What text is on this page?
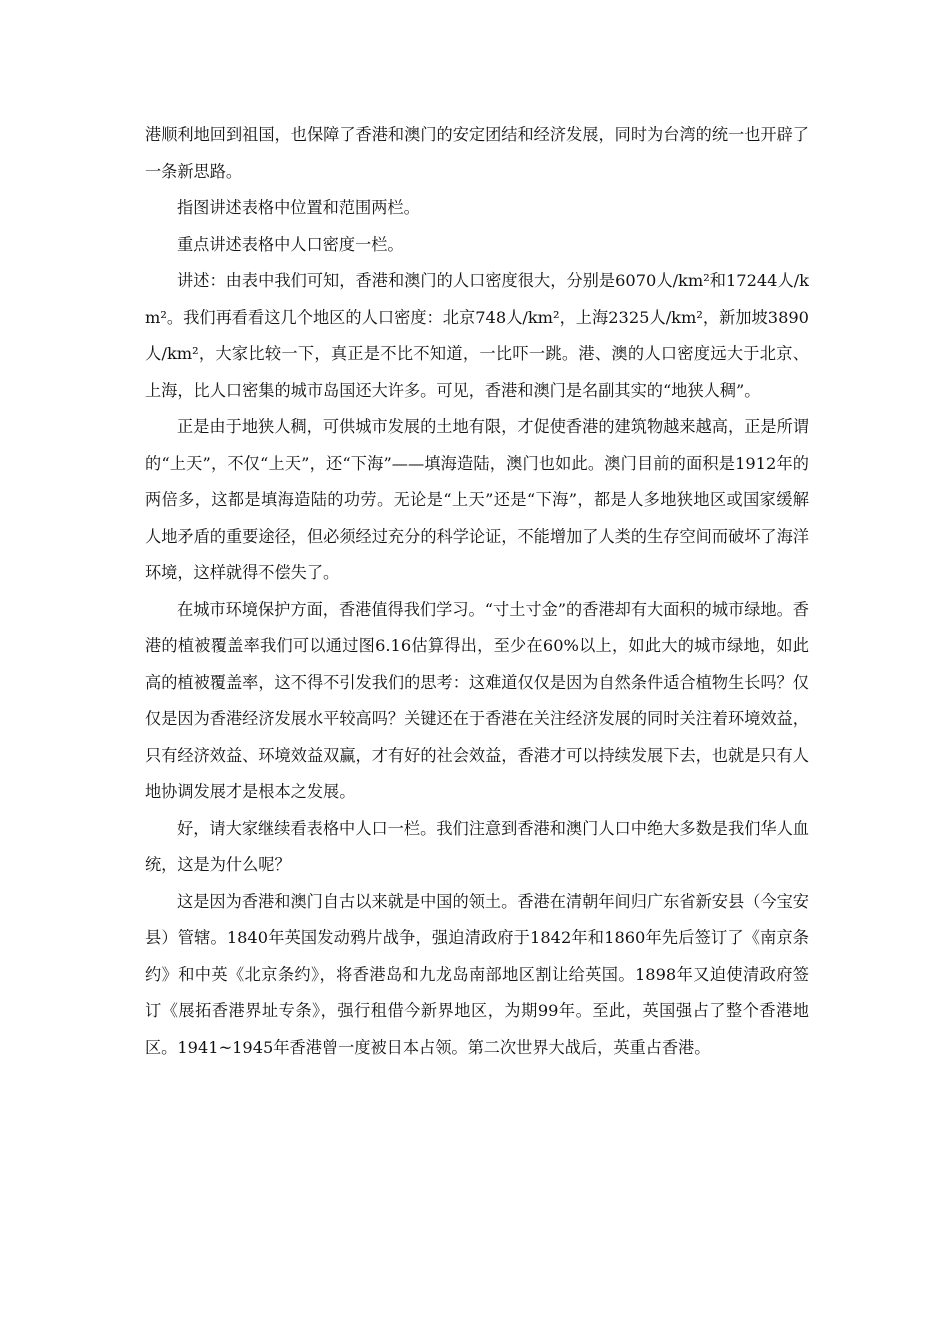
港顺利地回到祖国，也保障了香港和澳门的安定团结和经济发展，同时为台湾的统一也开辟了一条新思路。

指图讲述表格中位置和范围两栏。

重点讲述表格中人口密度一栏。

讲述：由表中我们可知，香港和澳门的人口密度很大，分别是6070人/km²和17244人/km²。我们再看看这几个地区的人口密度：北京748人/km²，上海2325人/km²，新加坡3890人/km²，大家比较一下，真正是不比不知道，一比吓一跳。港、澳的人口密度远大于北京、上海，比人口密集的城市岛国还大许多。可见，香港和澳门是名副其实的“地狭人稠”。

正是由于地狭人稠，可供城市发展的土地有限，才促使香港的建筑物越来越高，正是所谓的“上天”，不仅“上天”，还“下海”——填海造陆，澳门也如此。澳门目前的面积是1912年的两倍多，这都是填海造陆的功劳。无论是“上天”还是“下海”，都是人多地狭地区或国家缓解人地矛盾的重要途径，但必须经过充分的科学论证，不能增加了人类的生存空间而破坏了海洋环境，这样就得不偿失了。

在城市环境保护方面，香港值得我们学习。“寸土寸金”的香港却有大面积的城市绿地。香港的植被覆盖率我们可以通过图6.16估算得出，至少在60%以上，如此大的城市绿地，如此高的植被覆盖率，这不得不引发我们的思考：这难道仅仅是因为自然条件适合植物生长吗？仅仅是因为香港经济发展水平较高吗？关键还在于香港在关注经济发展的同时关注着环境效益，只有经济效益、环境效益双赢，才有好的社会效益，香港才可以持续发展下去，也就是只有人地协调发展才是根本之发展。

好，请大家继续看表格中人口一栏。我们注意到香港和澳门人口中绝大多数是我们华人血统，这是为什么呢？

这是因为香港和澳门自古以来就是中国的领土。香港在清朝年间归广东省新安县（今宝安县）管辖。1840年英国发动鸦片战争，强迫清政府于1842年和1860年先后签订了《南京条约》和中英《北京条约》，将香港岛和九龙岛南部地区割让给英国。1898年又迫使清政府签订《展拓香港界址专条》，强行租借今新界地区，为期99年。至此，英国强占了整个香港地区。1941~1945年香港曾一度被日本占领。第二次世界大战后，英重占香港。
